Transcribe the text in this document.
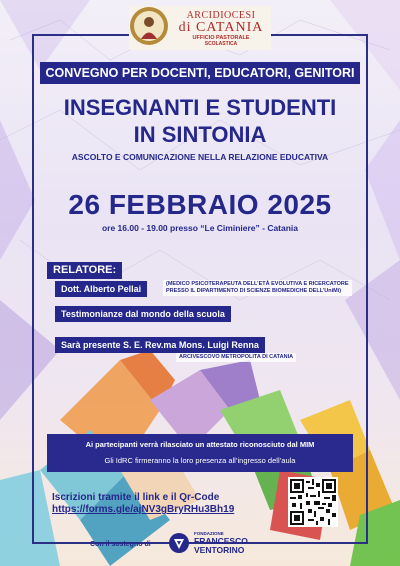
ARCIDIOCESI
di CATANIA
UFFICIO PASTORALE
SCOLASTICA
CONVEGNO PER DOCENTI, EDUCATORI, GENITORI
INSEGNANTI E STUDENTI
IN SINTONIA
ASCOLTO E COMUNICAZIONE NELLA RELAZIONE EDUCATIVA
26 FEBBRAIO 2025
ore 16.00 - 19.00 presso “Le Ciminiere” - Catania
RELATORE:
Dott. Alberto Pellai	(MEDICO PSICOTERAPEUTA DELL’ETÀ EVOLUTIVA E RICERCATORE
PRESSO IL DIPARTIMENTO DI SCIENZE BIOMEDICHE DELL’UniMi)
Testimonianze dal mondo della scuola
Sarà presente S. E. Rev.ma Mons. Luigi Renna
ARCIVESCOVO METROPOLITA DI CATANIA
Ai partecipanti verrà rilasciato un attestato riconosciuto dal MIM
Gli IdRC firmeranno la loro presenza all’ingresso dell’aula
Iscrizioni tramite il link e il Qr-Code
https://forms.gle/ajNV3gBryRHu3Bh19
Con il sostegno di
FONDAZIONE
FRANCESCO
VENTORINO
